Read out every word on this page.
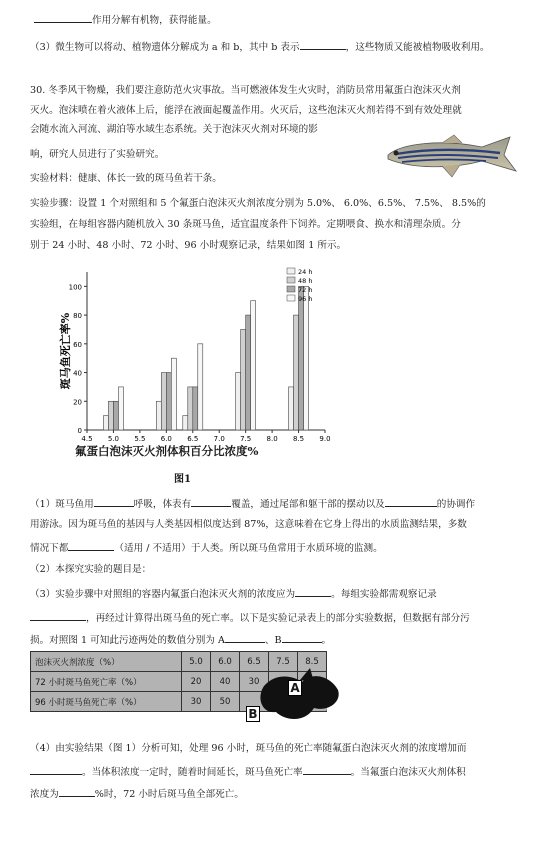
作用分解有机物，获得能量。
（3）微生物可以将动、植物遗体分解成为 a 和 b，其中 b 表示	，这些物质又能被植物吸收利用。
30. 冬季风干物燥，我们要注意防范火灾事故。当可燃液体发生火灾时，消防员常用氟蛋白泡沫灭火剂
灭火。泡沫喷在着火液体上后，能浮在液面起覆盖作用。火灭后，这些泡沫灭火剂若得不到有效处理就
会随水流入河流、湖泊等水域生态系统。关于泡沫灭火剂对环境的影
响，研究人员进行了实验研究。
实验材料：健康、体长一致的斑马鱼若干条。
实验步骤：设置 1 个对照组和 5 个氟蛋白泡沫灭火剂浓度分别为 5.0%、 6.0%、6.5%、 7.5%、 8.5%的
实验组，在每组容器内随机放入 30 条斑马鱼，适宜温度条件下饲养。定期喂食、换水和清理杂质。分
别于 24 小时、48 小时、72 小时、96 小时观察记录，结果如图 1 所示。
0
20
40
60
80
100
4.5 5.0 5.5 6.0 6.5 7.0 7.5 8.0 8.5 9.0
斑马鱼死亡率%
24 h
48 h
72 h
96 h
氟蛋白泡沫灭火剂体积百分比浓度%
图1
（1）斑马鱼用	呼吸，体表有	覆盖，通过尾部和躯干部的摆动以及	的协调作
用游泳。因为斑马鱼的基因与人类基因相似度达到 87%，这意味着在它身上得出的水质监测结果，多数
情况下都	（适用 / 不适用）于人类。所以斑马鱼常用于水质环境的监测。
（2）本探究实验的题目是：
（3）实验步骤中对照组的容器内氟蛋白泡沫灭火剂的浓度应为	。每组实验都需观察记录
，再经过计算得出斑马鱼的死亡率。以下是实验记录表上的部分实验数据，但数据有部分污
损。对照图 1 可知此污迹两处的数值分别为 A	、B	。
泡沫灭火剂浓度（%）	5.0	6.0	6.5	7.5	8.5
72 小时斑马鱼死亡率（%）	20	40	30		
96 小时斑马鱼死亡率（%）	30	50			
A
B
（4）由实验结果（图 1）分析可知，处理 96 小时，斑马鱼的死亡率随氟蛋白泡沫灭火剂的浓度增加而
。当体积浓度一定时，随着时间延长，斑马鱼死亡率	。当氟蛋白泡沫灭火剂体积
浓度为	%时，72 小时后斑马鱼全部死亡。
